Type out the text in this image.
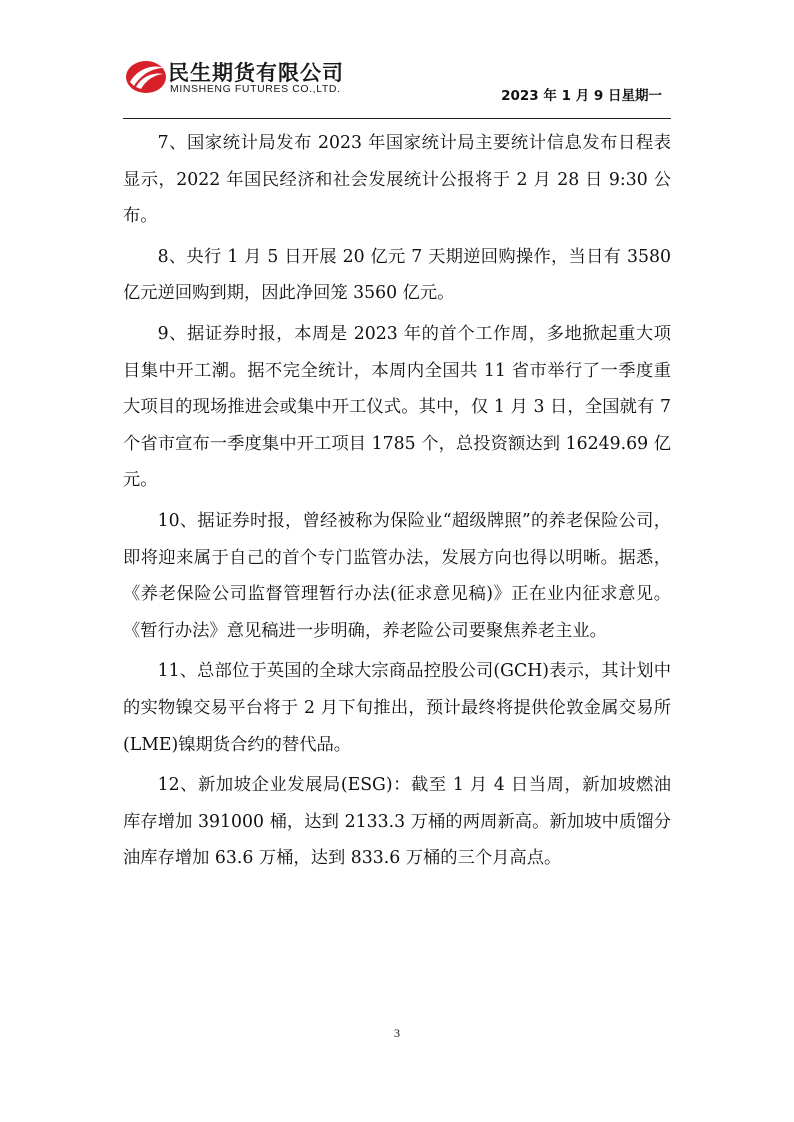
民生期货有限公司
MINSHENG FUTURES CO.,LTD.	2023 年 1 月 9 日星期一

7、国家统计局发布 2023 年国家统计局主要统计信息发布日程表显示，2022 年国民经济和社会发展统计公报将于 2 月 28 日 9:30 公布。

8、央行 1 月 5 日开展 20 亿元 7 天期逆回购操作，当日有 3580 亿元逆回购到期，因此净回笼 3560 亿元。

9、据证券时报，本周是 2023 年的首个工作周，多地掀起重大项目集中开工潮。据不完全统计，本周内全国共 11 省市举行了一季度重大项目的现场推进会或集中开工仪式。其中，仅 1 月 3 日，全国就有 7 个省市宣布一季度集中开工项目 1785 个，总投资额达到 16249.69 亿元。

10、据证券时报，曾经被称为保险业“超级牌照”的养老保险公司，即将迎来属于自己的首个专门监管办法，发展方向也得以明晰。据悉，《养老保险公司监督管理暂行办法(征求意见稿)》正在业内征求意见。《暂行办法》意见稿进一步明确，养老险公司要聚焦养老主业。

11、总部位于英国的全球大宗商品控股公司(GCH)表示，其计划中的实物镍交易平台将于 2 月下旬推出，预计最终将提供伦敦金属交易所(LME)镍期货合约的替代品。

12、新加坡企业发展局(ESG)：截至 1 月 4 日当周，新加坡燃油库存增加 391000 桶，达到 2133.3 万桶的两周新高。新加坡中质馏分油库存增加 63.6 万桶，达到 833.6 万桶的三个月高点。

3
